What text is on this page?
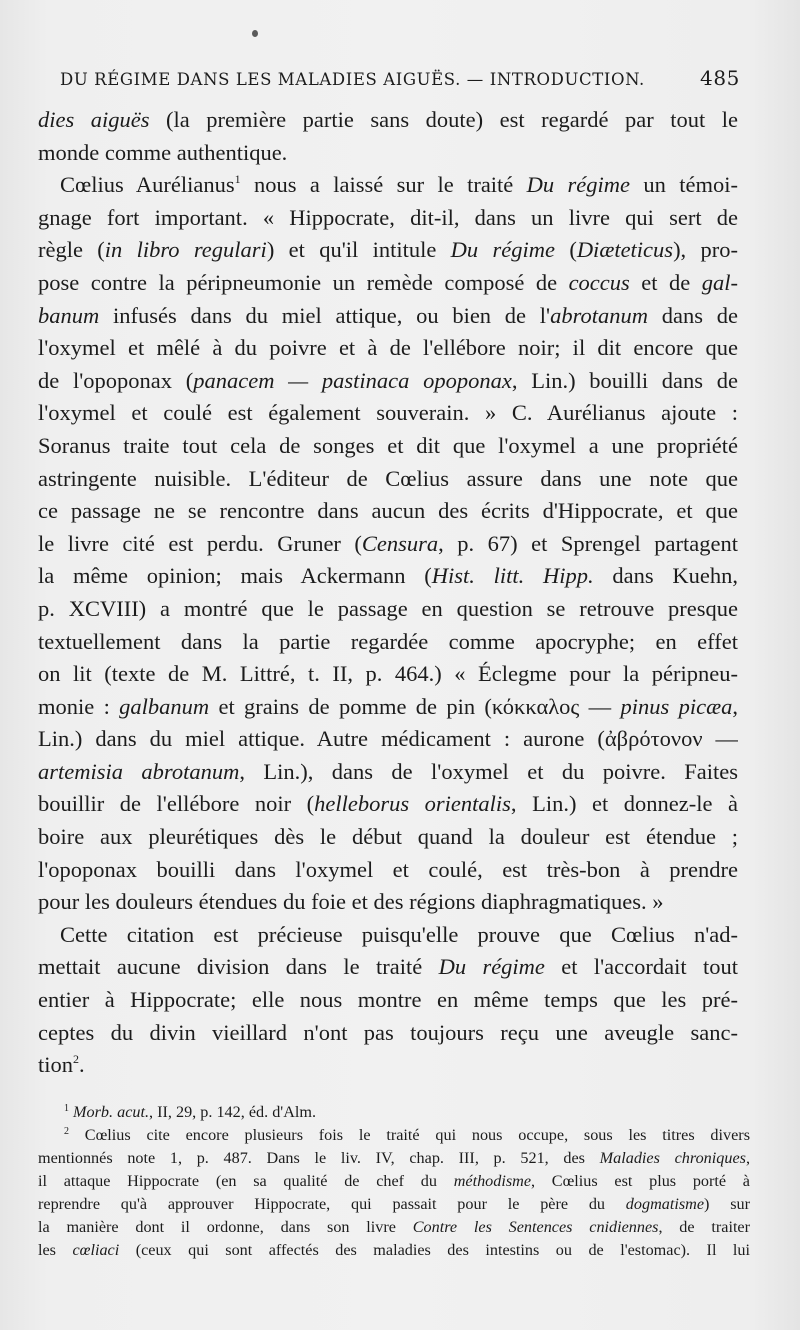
DU RÉGIME DANS LES MALADIES AIGUËS. — INTRODUCTION.	485
dies aiguës (la première partie sans doute) est regardé par tout le
monde comme authentique.
Cœlius Aurélianus$^1$ nous a laissé sur le traité Du régime un témoi-
gnage fort important. « Hippocrate, dit-il, dans un livre qui sert de
règle (in libro regulari) et qu'il intitule Du régime (Diæteticus), pro-
pose contre la péripneumonie un remède composé de coccus et de gal-
banum infusés dans du miel attique, ou bien de l'abrotanum dans de
l'oxymel et mêlé à du poivre et à de l'ellébore noir; il dit encore que
de l'opoponax (panacem — pastinaca opoponax, Lin.) bouilli dans de
l'oxymel et coulé est également souverain. » C. Aurélianus ajoute :
Soranus traite tout cela de songes et dit que l'oxymel a une propriété
astringente nuisible. L'éditeur de Cœlius assure dans une note que
ce passage ne se rencontre dans aucun des écrits d'Hippocrate, et que
le livre cité est perdu. Gruner (Censura, p. 67) et Sprengel partagent
la même opinion; mais Ackermann (Hist. litt. Hipp. dans Kuehn,
p. XCVIII) a montré que le passage en question se retrouve presque
textuellement dans la partie regardée comme apocryphe; en effet
on lit (texte de M. Littré, t. II, p. 464.) « Éclegme pour la péripneu-
monie : galbanum et grains de pomme de pin (κόκκαλος — pinus picæa,
Lin.) dans du miel attique. Autre médicament : aurone (ἀβρότονον —
artemisia abrotanum, Lin.), dans de l'oxymel et du poivre. Faites
bouillir de l'ellébore noir (helleborus orientalis, Lin.) et donnez-le à
boire aux pleurétiques dès le début quand la douleur est étendue ;
l'opoponax bouilli dans l'oxymel et coulé, est très-bon à prendre
pour les douleurs étendues du foie et des régions diaphragmatiques. »
Cette citation est précieuse puisqu'elle prouve que Cœlius n'ad-
mettait aucune division dans le traité Du régime et l'accordait tout
entier à Hippocrate; elle nous montre en même temps que les pré-
ceptes du divin vieillard n'ont pas toujours reçu une aveugle sanc-
tion$^2$.
$^1$ Morb. acut., II, 29, p. 142, éd. d'Alm.
$^2$ Cœlius cite encore plusieurs fois le traité qui nous occupe, sous les titres divers
mentionnés note 1, p. 487. Dans le liv. IV, chap. III, p. 521, des Maladies chroniques,
il attaque Hippocrate (en sa qualité de chef du méthodisme, Cœlius est plus porté à
reprendre qu'à approuver Hippocrate, qui passait pour le père du dogmatisme) sur
la manière dont il ordonne, dans son livre Contre les Sentences cnidiennes, de traiter
les cœliaci (ceux qui sont affectés des maladies des intestins ou de l'estomac). Il lui
